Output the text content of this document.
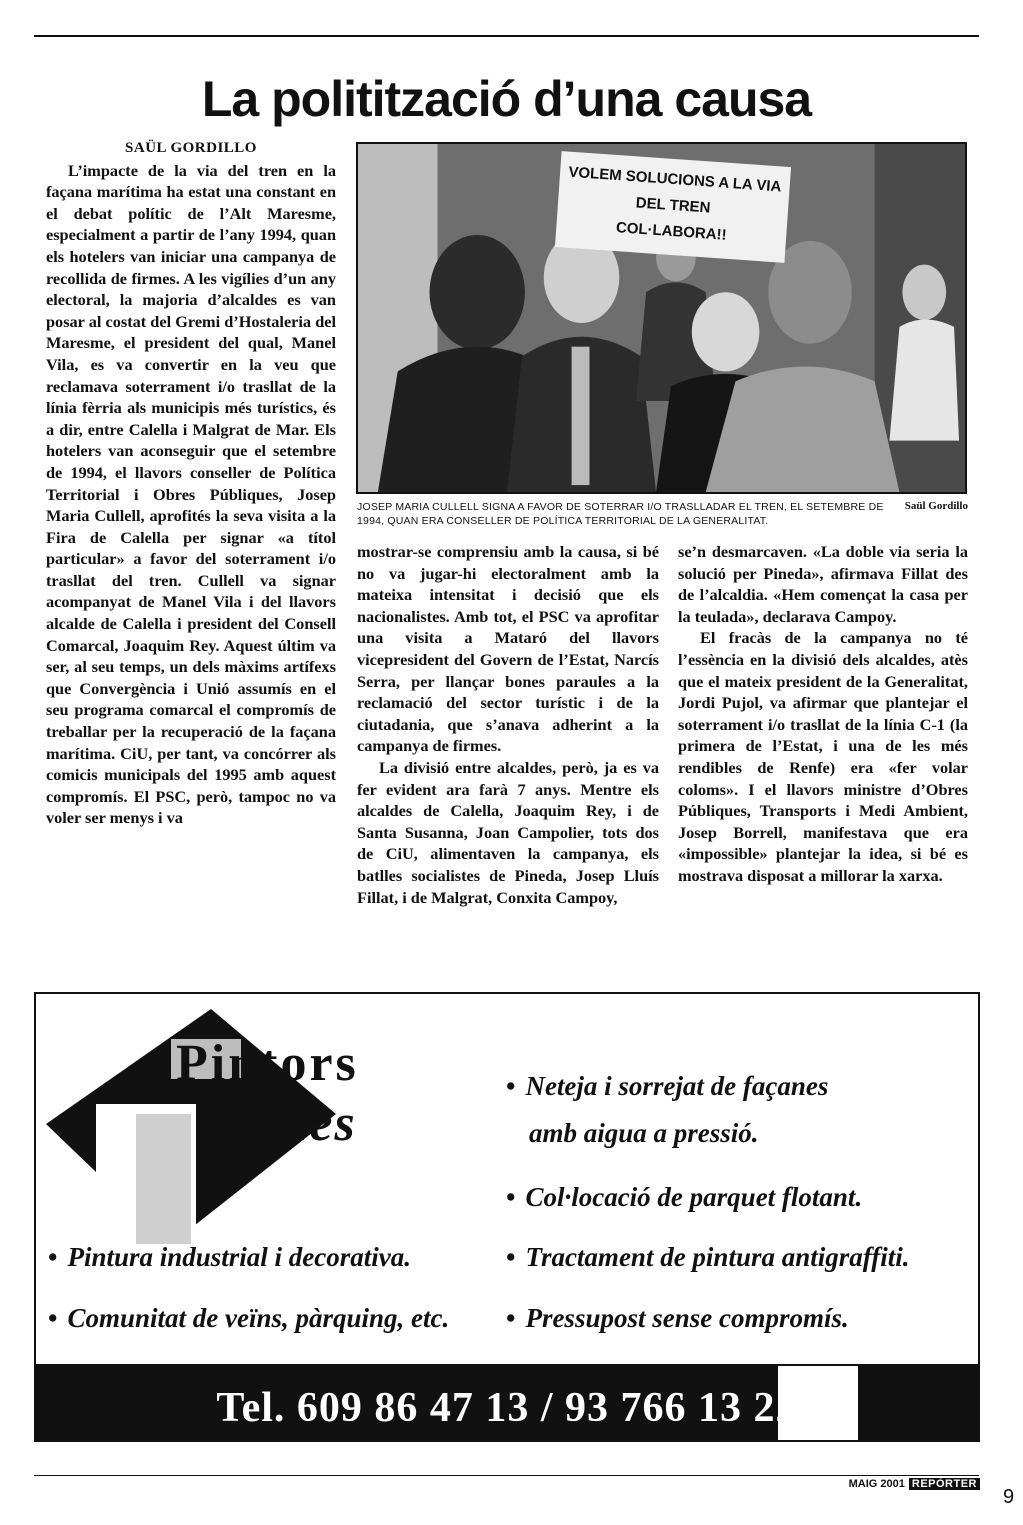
La politització d’una causa

SAÜL GORDILLO

L’impacte de la via del tren en la façana marítima ha estat una constant en el debat polític de l’Alt Maresme, especialment a partir de l’any 1994, quan els hotelers van iniciar una campanya de recollida de firmes. A les vigílies d’un any electoral, la majoria d’alcaldes es van posar al costat del Gremi d’Hostaleria del Maresme, el president del qual, Manel Vila, es va convertir en la veu que reclamava soterrament i/o trasllat de la línia fèrria als municipis més turístics, és a dir, entre Calella i Malgrat de Mar. Els hotelers van aconseguir que el setembre de 1994, el llavors conseller de Política Territorial i Obres Públiques, Josep Maria Cullell, aprofités la seva visita a la Fira de Calella per signar «a títol particular» a favor del soterrament i/o trasllat del tren. Cullell va signar acompanyat de Manel Vila i del llavors alcalde de Calella i president del Consell Comarcal, Joaquim Rey. Aquest últim va ser, al seu temps, un dels màxims artífexs que Convergència i Unió assumís en el seu programa comarcal el compromís de treballar per la recuperació de la façana marítima. CiU, per tant, va concórrer als comicis municipals del 1995 amb aquest compromís. El PSC, però, tampoc no va voler ser menys i va

VOLEM SOLUCIONS A LA VIA DEL TREN
COL·LABORA!!
JOSEP MARIA CULLELL SIGNA A FAVOR DE SOTERRAR I/O TRASLLADAR EL TREN, EL SETEMBRE DE 1994, QUAN ERA CONSELLER DE POLÍTICA TERRITORIAL DE LA GENERALITAT.
Saül Gordillo

mostrar-se comprensiu amb la causa, si bé no va jugar-hi electoralment amb la mateixa intensitat i decisió que els nacionalistes. Amb tot, el PSC va aprofitar una visita a Mataró del llavors vicepresident del Govern de l’Estat, Narcís Serra, per llançar bones paraules a la reclamació del sector turístic i de la ciutadania, que s’anava adherint a la campanya de firmes.

La divisió entre alcaldes, però, ja es va fer evident ara farà 7 anys. Mentre els alcaldes de Calella, Joaquim Rey, i de Santa Susanna, Joan Campolier, tots dos de CiU, alimentaven la campanya, els batlles socialistes de Pineda, Josep Lluís Fillat, i de Malgrat, Conxita Campoy,

se’n desmarcaven. «La doble via seria la solució per Pineda», afirmava Fillat des de l’alcaldia. «Hem començat la casa per la teulada», declarava Campoy.

El fracàs de la campanya no té l’essència en la divisió dels alcaldes, atès que el mateix president de la Generalitat, Jordi Pujol, va afirmar que plantejar el soterrament i/o trasllat de la línia C-1 (la primera de l’Estat, i una de les més rendibles de Renfe) era «fer volar coloms». I el llavors ministre d’Obres Públiques, Transports i Medi Ambient, Josep Borrell, manifestava que era «impossible» plantejar la idea, si bé es mostrava disposat a millorar la xarxa.

Pintors
Carles
• Neteja i sorrejat de façanes
amb aigua a pressió.
• Col·locació de parquet flotant.
• Pintura industrial i decorativa.	• Tractament de pintura antigraffiti.
• Comunitat de veïns, pàrquing, etc. • Pressupost sense compromís.
Tel. 609 86 47 13 / 93 766 13 22
MAIG 2001 REPÒRTER
9
